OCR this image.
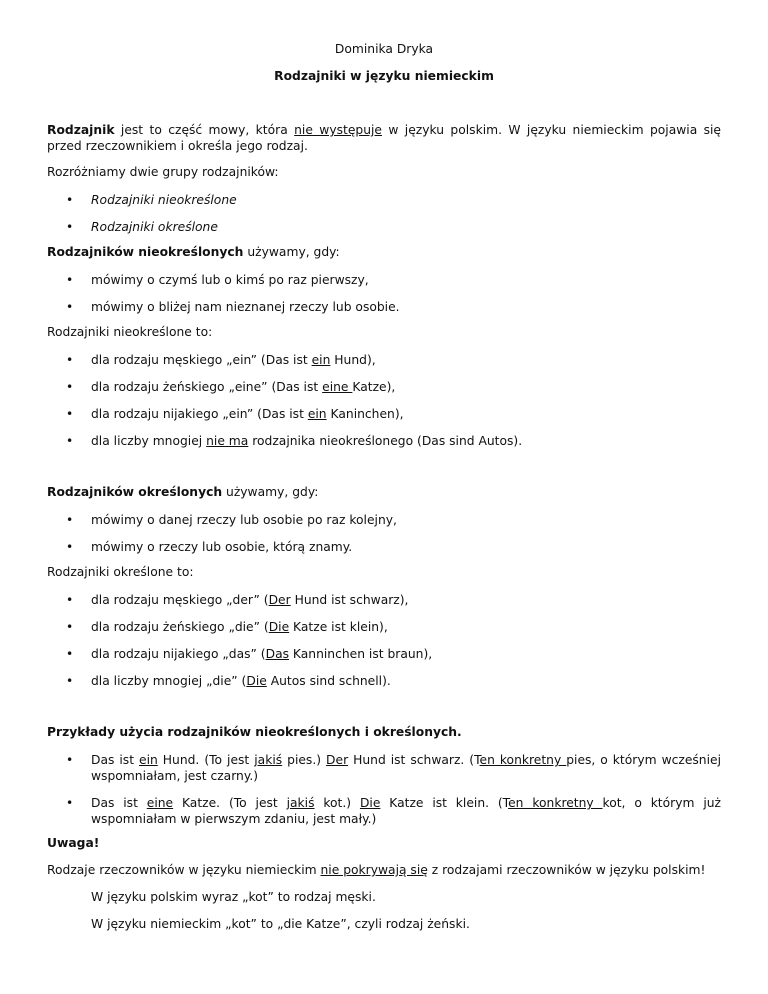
Dominika Dryka
Rodzajniki w języku niemieckim
Rodzajnik jest to część mowy, która nie występuje w języku polskim. W języku niemieckim pojawia się przed rzeczownikiem i określa jego rodzaj.
Rozróżniamy dwie grupy rodzajników:
• Rodzajniki nieokreślone
• Rodzajniki określone
Rodzajników nieokreślonych używamy, gdy:
• mówimy o czymś lub o kimś po raz pierwszy,
• mówimy o bliżej nam nieznanej rzeczy lub osobie.
Rodzajniki nieokreślone to:
• dla rodzaju męskiego „ein” (Das ist ein Hund),
• dla rodzaju żeńskiego „eine” (Das ist eine Katze),
• dla rodzaju nijakiego „ein” (Das ist ein Kaninchen),
• dla liczby mnogiej nie ma rodzajnika nieokreślonego (Das sind Autos).
Rodzajników określonych używamy, gdy:
• mówimy o danej rzeczy lub osobie po raz kolejny,
• mówimy o rzeczy lub osobie, którą znamy.
Rodzajniki określone to:
• dla rodzaju męskiego „der” (Der Hund ist schwarz),
• dla rodzaju żeńskiego „die” (Die Katze ist klein),
• dla rodzaju nijakiego „das” (Das Kanninchen ist braun),
• dla liczby mnogiej „die” (Die Autos sind schnell).
Przykłady użycia rodzajników nieokreślonych i określonych.
• Das ist ein Hund. (To jest jakiś pies.) Der Hund ist schwarz. (Ten konkretny pies, o którym wcześniej wspomniałam, jest czarny.)
• Das ist eine Katze. (To jest jakiś kot.) Die Katze ist klein. (Ten konkretny kot, o którym już wspomniałam w pierwszym zdaniu, jest mały.)
Uwaga!
Rodzaje rzeczowników w języku niemieckim nie pokrywają się z rodzajami rzeczowników w języku polskim!
W języku polskim wyraz „kot” to rodzaj męski.
W języku niemieckim „kot” to „die Katze”, czyli rodzaj żeński.
